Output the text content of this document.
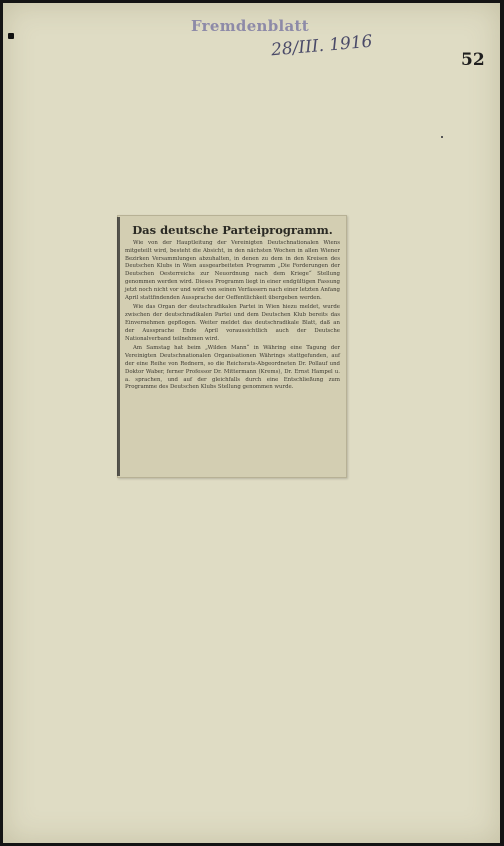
Fremdenblatt
28/III. 1916	52
Das deutsche Parteiprogramm.

Wie von der Hauptleitung der Vereinigten Deutschnationalen Wiens mitgeteilt wird, besteht die Absicht, in den nächsten Wochen in allen Wiener Bezirken Versammlungen abzuhalten, in denen zu dem in den Kreisen des Deutschen Klubs in Wien ausgearbeiteten Programm „Die Forderungen der Deutschen Oesterreichs zur Neuordnung nach dem Kriege“ Stellung genommen werden wird. Dieses Programm liegt in einer endgültigen Fassung jetzt noch nicht vor und wird von seinen Verfassern nach einer letzten Anfang April stattfindenden Aussprache der Oeffentlichkeit übergeben werden.

Wie das Organ der deutschradikalen Partei in Wien hiezu meldet, wurde zwischen der deutschradikalen Partei und dem Deutschen Klub bereits das Einvernehmen gepflogen. Weiter meldet das deutschradikale Blatt, daß an der Aussprache Ende April voraussichtlich auch der Deutsche Nationalverband teilnehmen wird.

Am Samstag hat beim „Wilden Mann“ in Währing eine Tagung der Vereinigten Deutschnationalen Organisationen Währings stattgefunden, auf der eine Reihe von Rednern, so die Reichsrats-Abgeordneten Dr. Pollauf und Doktor Waber, ferner Professor Dr. Mittermann (Krems), Dr. Ernst Hampel u. a. sprachen, und auf der gleichfalls durch eine Entschließung zum Programme des Deutschen Klubs Stellung genommen wurde.
